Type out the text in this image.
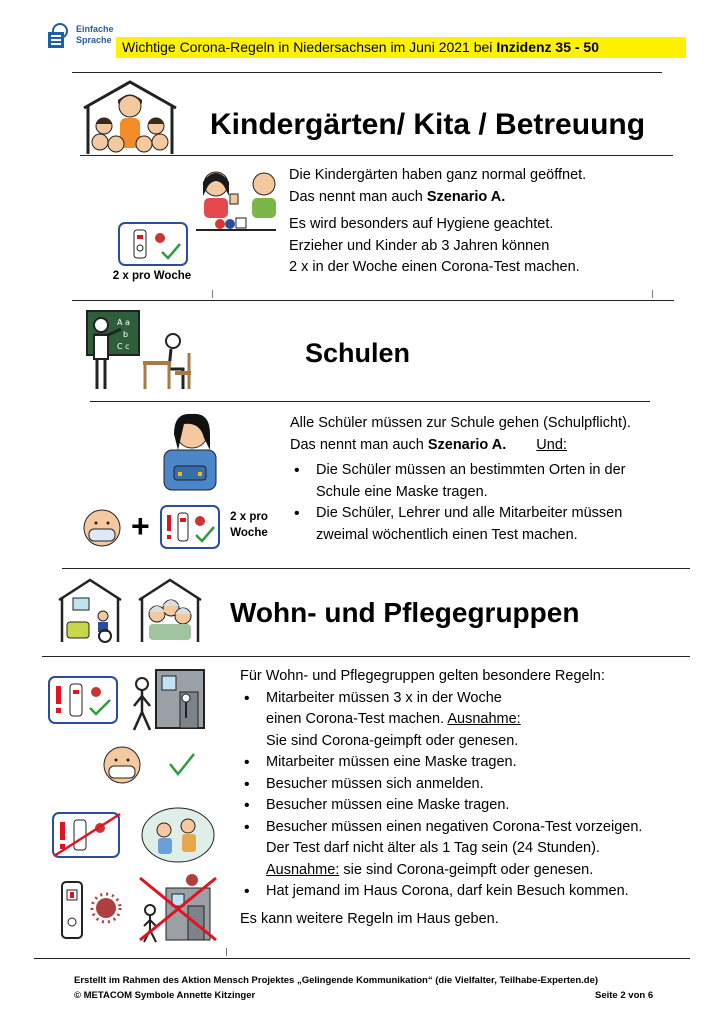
Einfache
Sprache Wichtige Corona-Regeln in Niedersachsen im Juni 2021 bei Inzidenz 35 - 50
Kindergärten/ Kita / Betreuung
2 x pro Woche
Die Kindergärten haben ganz normal geöffnet.
Das nennt man auch Szenario A.
Es wird besonders auf Hygiene geachtet.
Erzieher und Kinder ab 3 Jahren können
2 x in der Woche einen Corona-Test machen.
A a
b
C c	Schulen
+	2 x pro
Woche
Alle Schüler müssen zur Schule gehen (Schulpflicht).
Das nennt man auch Szenario A. Und:
• Die Schüler müssen an bestimmten Orten in der
Schule eine Maske tragen.
• Die Schüler, Lehrer und alle Mitarbeiter müssen
zweimal wöchentlich einen Test machen.
Wohn- und Pflegegruppen
Für Wohn- und Pflegegruppen gelten besondere Regeln:
• Mitarbeiter müssen 3 x in der Woche
einen Corona-Test machen. Ausnahme:
Sie sind Corona-geimpft oder genesen.
• Mitarbeiter müssen eine Maske tragen.
• Besucher müssen sich anmelden.
• Besucher müssen eine Maske tragen.
• Besucher müssen einen negativen Corona-Test vorzeigen.
Der Test darf nicht älter als 1 Tag sein (24 Stunden).
Ausnahme: sie sind Corona-geimpft oder genesen.
• Hat jemand im Haus Corona, darf kein Besuch kommen.
Es kann weitere Regeln im Haus geben.
Erstellt im Rahmen des Aktion Mensch Projektes „Gelingende Kommunikation“ (die Vielfalter, Teilhabe-Experten.de)
© METACOM Symbole Annette Kitzinger	Seite 2 von 6
